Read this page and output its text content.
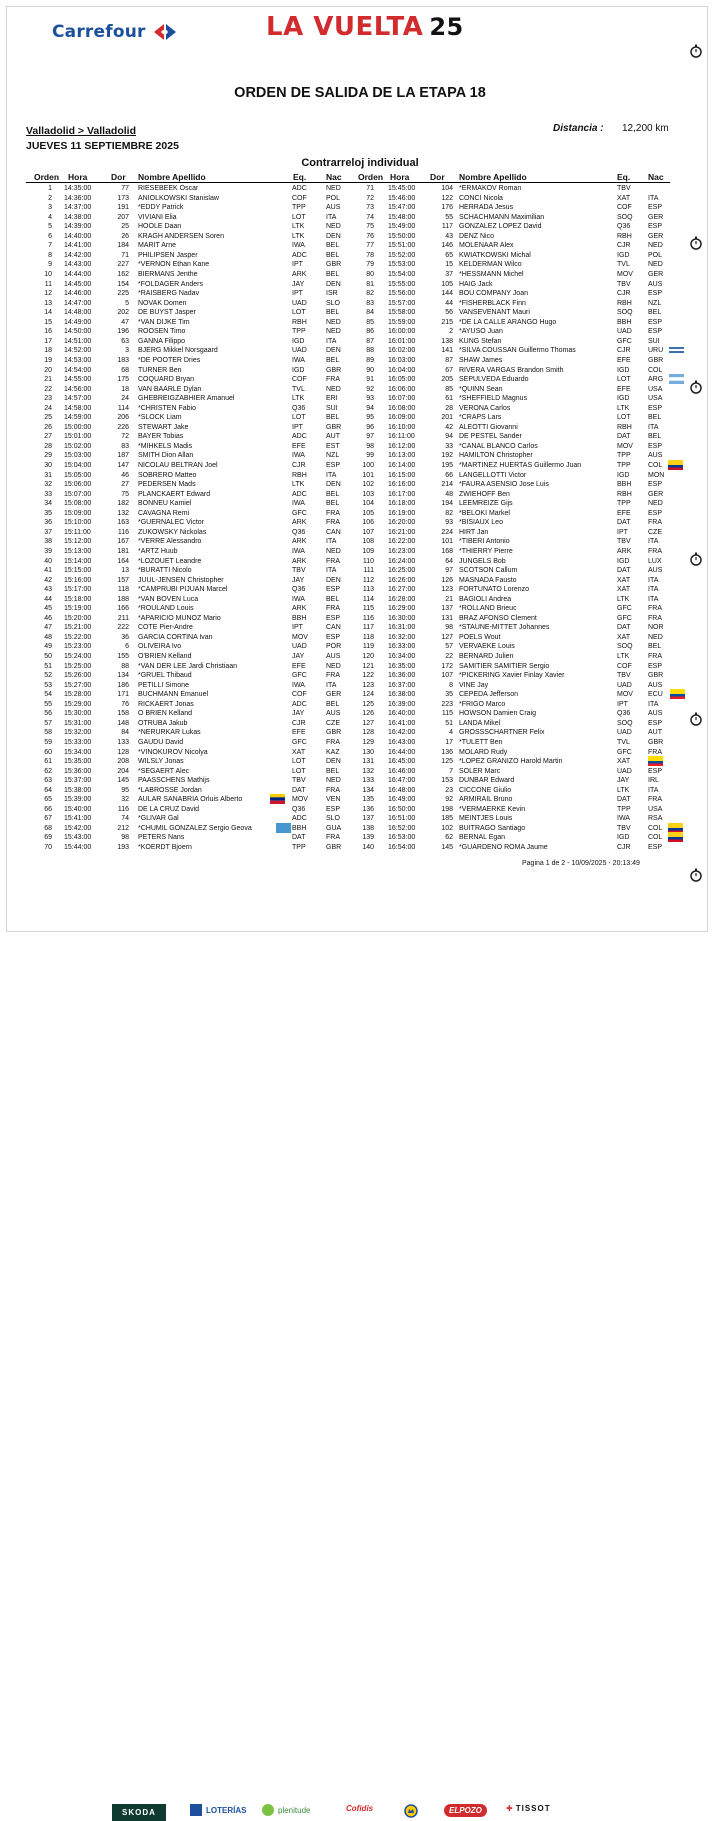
Carrefour	LA VUELTA 25
ORDEN DE SALIDA DE LA ETAPA 18
Valladolid > Valladolid
JUEVES 11 SEPTIEMBRE 2025
Distancia : 12,200 km
Contrarreloj individual
Orden Hora	Dor Nombre Apellido	Eq. Nac Orden Hora Dor Nombre Apellido	Eq. Nac
1 14:35:00	77 RIESEBEEK Oscar	ADC	NED
2 14:36:00	173 ANIOLKOWSKI Stanislaw	COF	POL
3 14:37:00	191 *EDDY Patrick	TPP	AUS
4 14:38:00	207 VIVIANI Elia	LOT	ITA
5 14:39:00	25 HOOLE Daan	LTK	NED
6 14:40:00	26 KRAGH ANDERSEN Soren	LTK	DEN
7 14:41:00	184 MARIT Arne	IWA	BEL
8 14:42:00	71 PHILIPSEN Jasper	ADC	BEL
9 14:43:00	227 *VERNON Ethan Kane	IPT	GBR
10 14:44:00	162 BIERMANS Jenthe	ARK	BEL
11 14:45:00	154 *FOLDAGER Anders	JAY	DEN
12 14:46:00	225 *RAISBERG Nadav	IPT	ISR
13 14:47:00	5 NOVAK Domen	UAD	SLO
14 14:48:00	202 DE BUYST Jasper	LOT	BEL
15 14:49:00	47 *VAN DIJKE Tim	RBH	NED
16 14:50:00	196 ROOSEN Timo	TPP	NED
17 14:51:00	63 GANNA Filippo	IGD	ITA
18 14:52:00	3 BJERG Mikkel Norsgaard	UAD	DEN
19 14:53:00	183 *DE POOTER Dries	IWA	BEL
20 14:54:00	68 TURNER Ben	IGD	GBR
21 14:55:00	175 COQUARD Bryan	COF	FRA
22 14:56:00	18 VAN BAARLE Dylan	TVL	NED
23 14:57:00	24 GHEBREIGZABHIER Amanuel	LTK	ERI
24 14:58:00	114 *CHRISTEN Fabio	Q36	SUI
25 14:59:00	206 *SLOCK Liam	LOT	BEL
26 15:00:00	226 STEWART Jake	IPT	GBR
27 15:01:00	72 BAYER Tobias	ADC	AUT
28 15:02:00	83 *MIHKELS Madis	EFE	EST
29 15:03:00	187 SMITH Dion Allan	IWA	NZL
30 15:04:00	147 NICOLAU BELTRAN Joel	CJR	ESP
31 15:05:00	46 SOBRERO Matteo	RBH	ITA
32 15:06:00	27 PEDERSEN Mads	LTK	DEN
33 15:07:00	75 PLANCKAERT Edward	ADC	BEL
34 15:08:00	182 BONNEU Kamiel	IWA	BEL
35 15:09:00	132 CAVAGNA Remi	GFC	FRA
36 15:10:00	163 *GUERNALEC Victor	ARK	FRA
37 15:11:00	116 ZUKOWSKY Nickolas	Q36	CAN
38 15:12:00	167 *VERRE Alessandro	ARK	ITA
39 15:13:00	181 *ARTZ Huub	IWA	NED
40 15:14:00	164 *LOZOUET Leandre	ARK	FRA
41 15:15:00	13 *BURATTI Nicolo	TBV	ITA
42 15:16:00	157 JUUL-JENSEN Christopher	JAY	DEN
43 15:17:00	118 *CAMPRUBI PIJUAN Marcel	Q36	ESP
44 15:18:00	188 *VAN BOVEN Luca	IWA	BEL
45 15:19:00	166 *ROULAND Louis	ARK	FRA
46 15:20:00	211 *APARICIO MUNOZ Mario	BBH	ESP
47 15:21:00	222 COTE Pier-Andre	IPT	CAN
48 15:22:00	36 GARCIA CORTINA Ivan	MOV	ESP
49 15:23:00	6 OLIVEIRA Ivo	UAD	POR
50 15:24:00	155 O'BRIEN Kelland	JAY	AUS
51 15:25:00	88 *VAN DER LEE Jardi Christiaan	EFE	NED
52 15:26:00	134 *GRUEL Thibaud	GFC	FRA
53 15:27:00	186 PETILLI Simone	IWA	ITA
54 15:28:00	171 BUCHMANN Emanuel	COF	GER
55 15:29:00	76 RICKAERT Jonas	ADC	BEL
56 15:30:00	158 O BRIEN Kelland	JAY	AUS
57 15:31:00	148 OTRUBA Jakub	CJR	CZE
58 15:32:00	84 *NERURKAR Lukas	EFE	GBR
59 15:33:00	133 GAUDU David	GFC	FRA
60 15:34:00	128 *VINOKUROV Nicolya	XAT	KAZ
61 15:35:00	208 WILSLY Jonas	LOT	DEN
62 15:36:00	204 *SEGAERT Alec	LOT	BEL
63 15:37:00	145 PAASSCHENS Mathijs	TBV	NED
64 15:38:00	95 *LABROSSE Jordan	DAT	FRA
65 15:39:00	32 AULAR SANABRIA Orluis Alberto	MOV	VEN
66 15:40:00	116 DE LA CRUZ David	Q36	ESP
67 15:41:00	74 *GLIVAR Gal	ADC	SLO
68 15:42:00	212 *CHUMIL GONZALEZ Sergio Geova	BBH	GUA
69 15:43:00	98 PETERS Nans	DAT	FRA
70 15:44:00	193 *KOERDT Bjoern	TPP	GBR
71 15:45:00	104 *ERMAKOV Roman	TBV
72 15:46:00	122 CONCI Nicola	XAT	ITA
73 15:47:00	176 HERRADA Jesus	COF	ESP
74 15:48:00	55 SCHACHMANN Maximilian	SOQ	GER
75 15:49:00	117 GONZALEZ LOPEZ David	Q36	ESP
76 15:50:00	43 DENZ Nico	RBH	GER
77 15:51:00	146 MOLENAAR Alex	CJR	NED
78 15:52:00	65 KWIATKOWSKI Michal	IGD	POL
79 15:53:00	15 KELDERMAN Wilco	TVL	NED
80 15:54:00	37 *HESSMANN Michel	MOV	GER
81 15:55:00	105 HAIG Jack	TBV	AUS
82 15:56:00	144 BOU COMPANY Joan	CJR	ESP
83 15:57:00	44 *FISHERBLACK Finn	RBH	NZL
84 15:58:00	56 VANSEVENANT Mauri	SOQ	BEL
85 15:59:00	215 *DE LA CALLE ARANGO Hugo	BBH	ESP
86 16:00:00	2 *AYUSO Juan	UAD	ESP
87 16:01:00	138 KUNG Stefan	GFC	SUI
88 16:02:00	141 *SILVA COUSSAN Guillermo Thomas	CJR	URU
89 16:03:00	87 SHAW James	EFE	GBR
90 16:04:00	67 RIVERA VARGAS Brandon Smith	IGD	COL
91 16:05:00	205 SEPULVEDA Eduardo	LOT	ARG
92 16:06:00	85 *QUINN Sean	EFE	USA
93 16:07:00	61 *SHEFFIELD Magnus	IGD	USA
94 16:08:00	28 VERONA Carlos	LTK	ESP
95 16:09:00	201 *CRAPS Lars	LOT	BEL
96 16:10:00	42 ALEOTTI Giovanni	RBH	ITA
97 16:11:00	94 DE PESTEL Sander	DAT	BEL
98 16:12:00	33 *CANAL BLANCO Carlos	MOV	ESP
99 16:13:00	192 HAMILTON Christopher	TPP	AUS
100 16:14:00	195 *MARTINEZ HUERTAS Guillermo Juan	TPP	COL
101 16:15:00	66 LANGELLOTTI Victor	IGD	MON
102 16:16:00	214 *FAURA ASENSIO Jose Luis	BBH	ESP
103 16:17:00	48 ZWIEHOFF Ben	RBH	GER
104 16:18:00	194 LEEMREIZE Gijs	TPP	NED
105 16:19:00	82 *BELOKI Markel	EFE	ESP
106 16:20:00	93 *BISIAUX Leo	DAT	FRA
107 16:21:00	224 HIRT Jan	IPT	CZE
108 16:22:00	101 *TIBERI Antonio	TBV	ITA
109 16:23:00	168 *THIERRY Pierre	ARK	FRA
110 16:24:00	64 JUNGELS Bob	IGD	LUX
111 16:25:00	97 SCOTSON Callum	DAT	AUS
112 16:26:00	126 MASNADA Fausto	XAT	ITA
113 16:27:00	123 FORTUNATO Lorenzo	XAT	ITA
114 16:28:00	21 BAGIOLI Andrea	LTK	ITA
115 16:29:00	137 *ROLLAND Brieuc	GFC	FRA
116 16:30:00	131 BRAZ AFONSO Clement	GFC	FRA
117 16:31:00	98 *STAUNE-MITTET Johannes	DAT	NOR
118 16:32:00	127 POELS Wout	XAT	NED
119 16:33:00	57 VERVAEKE Louis	SOQ	BEL
120 16:34:00	22 BERNARD Julien	LTK	FRA
121 16:35:00	172 SAMITIER SAMITIER Sergio	COF	ESP
122 16:36:00	107 *PICKERING Xavier Finlay Xavier	TBV	GBR
123 16:37:00	8 VINE Jay	UAD	AUS
124 16:38:00	35 CEPEDA Jefferson	MOV	ECU
125 16:39:00	223 *FRIGO Marco	IPT	ITA
126 16:40:00	115 HOWSON Damien Craig	Q36	AUS
127 16:41:00	51 LANDA Mikel	SOQ	ESP
128 16:42:00	4 GROSSSCHARTNER Felix	UAD	AUT
129 16:43:00	17 *TULETT Ben	TVL	GBR
130 16:44:00	136 MOLARD Rudy	GFC	FRA
131 16:45:00	125 *LOPEZ GRANIZO Harold Martin	XAT
132 16:46:00	7 SOLER Marc	UAD	ESP
133 16:47:00	153 DUNBAR Edward	JAY	IRL
134 16:48:00	23 CICCONE Giulio	LTK	ITA
135 16:49:00	92 ARMIRAIL Bruno	DAT	FRA
136 16:50:00	198 *VERMAERKE Kevin	TPP	USA
137 16:51:00	185 MEINTJES Louis	IWA	RSA
138 16:52:00	102 BUITRAGO Santiago	TBV	COL
139 16:53:00	62 BERNAL Egan	IGD	COL
140 16:54:00	145 *GUARDENO ROMA Jaume	CJR	ESP
Pagina 1 de 2 - 10/09/2025 - 20:13:49
SKODA	LOTERÍAS	plenitude	Cofidis	ELPOZO	✚ TISSOT
